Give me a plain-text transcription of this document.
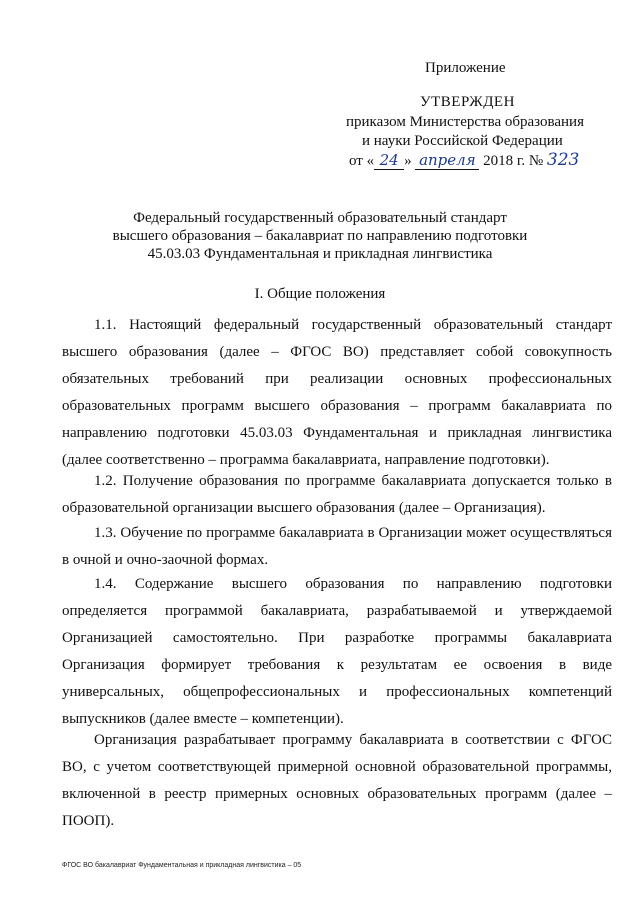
Приложение
УТВЕРЖДЕН
приказом Министерства образования
и науки Российской Федерации
от « 24 » апреля 2018 г. № 323
Федеральный государственный образовательный стандарт
высшего образования – бакалавриат по направлению подготовки
45.03.03 Фундаментальная и прикладная лингвистика
I. Общие положения
1.1. Настоящий федеральный государственный образовательный стандарт высшего образования (далее – ФГОС ВО) представляет собой совокупность обязательных требований при реализации основных профессиональных образовательных программ высшего образования – программ бакалавриата по направлению подготовки 45.03.03 Фундаментальная и прикладная лингвистика (далее соответственно – программа бакалавриата, направление подготовки).
1.2. Получение образования по программе бакалавриата допускается только в образовательной организации высшего образования (далее – Организация).
1.3. Обучение по программе бакалавриата в Организации может осуществляться в очной и очно-заочной формах.
1.4. Содержание высшего образования по направлению подготовки определяется программой бакалавриата, разрабатываемой и утверждаемой Организацией самостоятельно. При разработке программы бакалавриата Организация формирует требования к результатам ее освоения в виде универсальных, общепрофессиональных и профессиональных компетенций выпускников (далее вместе – компетенции).
Организация разрабатывает программу бакалавриата в соответствии с ФГОС ВО, с учетом соответствующей примерной основной образовательной программы, включенной в реестр примерных основных образовательных программ (далее – ПООП).
ФГОС ВО бакалавриат Фундаментальная и прикладная лингвистика – 05
